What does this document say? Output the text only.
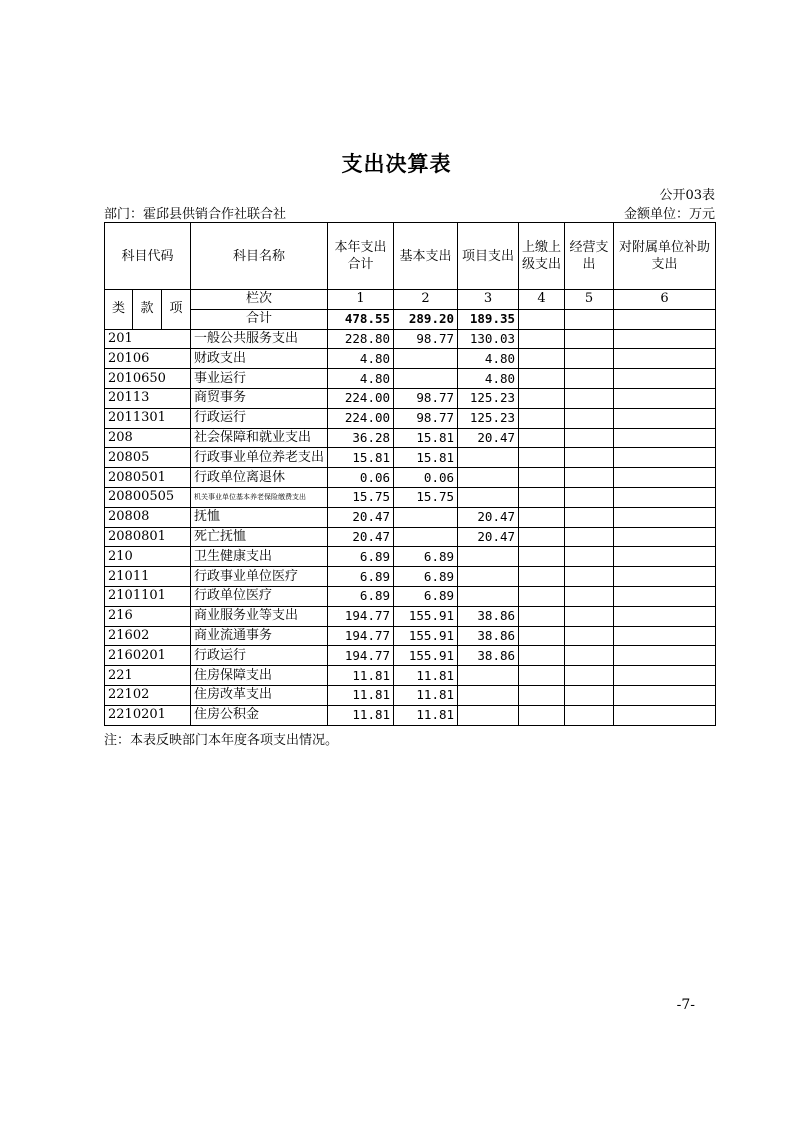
支出决算表
公开03表
部门：霍邱县供销合作社联合社	金额单位：万元
科目代码			科目名称	本年支出合计	基本支出	项目支出	上缴上级支出	经营支出	对附属单位补助支出
类	款	项	栏次	1	2	3	4	5	6
			合计	478.55	289.20	189.35			
201			一般公共服务支出	228.80	98.77	130.03			
20106			财政支出	4.80		4.80			
2010650			事业运行	4.80		4.80			
20113			商贸事务	224.00	98.77	125.23			
2011301			行政运行	224.00	98.77	125.23			
208			社会保障和就业支出	36.28	15.81	20.47			
20805			行政事业单位养老支出	15.81	15.81				
2080501			行政单位离退休	0.06	0.06				
20800505			机关事业单位基本养老保险缴费支出	15.75	15.75				
20808			抚恤	20.47		20.47			
2080801			死亡抚恤	20.47		20.47			
210			卫生健康支出	6.89	6.89				
21011			行政事业单位医疗	6.89	6.89				
2101101			行政单位医疗	6.89	6.89				
216			商业服务业等支出	194.77	155.91	38.86			
21602			商业流通事务	194.77	155.91	38.86			
2160201			行政运行	194.77	155.91	38.86			
221			住房保障支出	11.81	11.81				
22102			住房改革支出	11.81	11.81				
2210201			住房公积金	11.81	11.81				
注：本表反映部门本年度各项支出情况。
-7-
